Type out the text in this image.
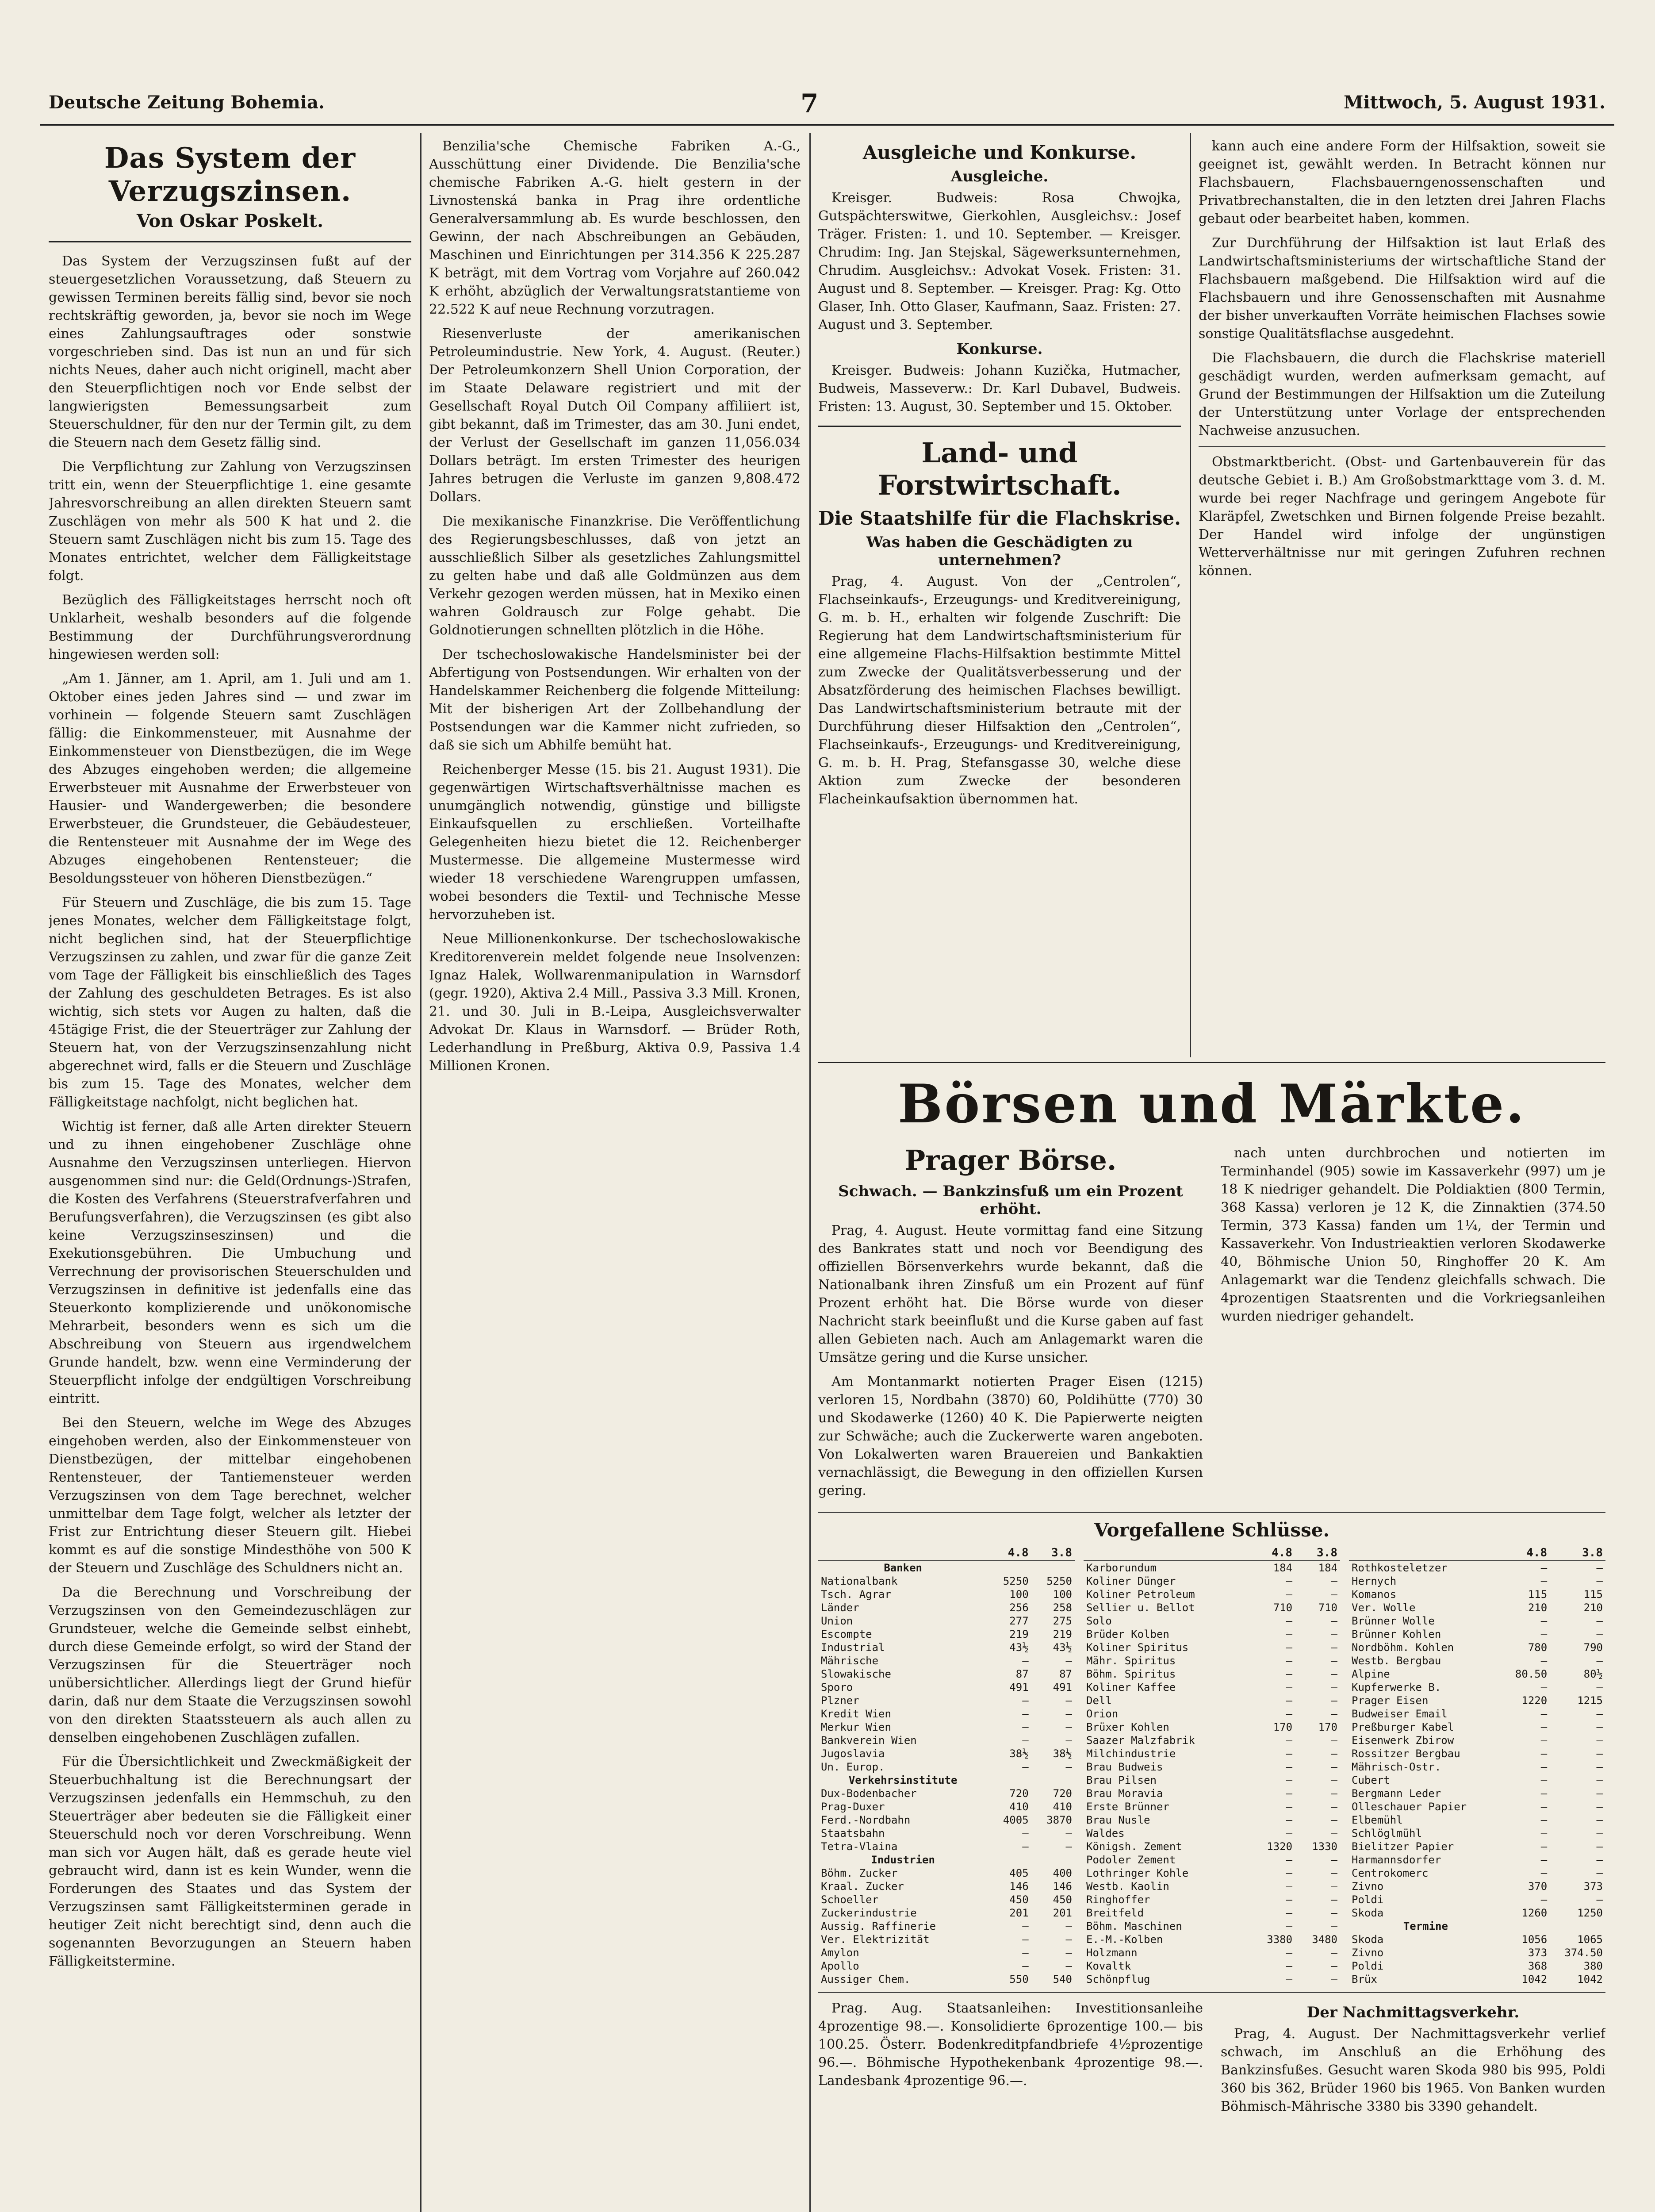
Deutsche Zeitung Bohemia.	7	Mittwoch, 5. August 1931.
Das System der Verzugszinsen.
Von Oskar Poskelt.

Das System der Verzugszinsen fußt auf der steuergesetzlichen Voraussetzung, daß Steuern zu gewissen Terminen bereits fällig sind, bevor sie noch rechtskräftig geworden, ja, bevor sie noch im Wege eines Zahlungsauftrages oder sonstwie vorgeschrieben sind. Das ist nun an und für sich nichts Neues, daher auch nicht originell, macht aber den Steuerpflichtigen noch vor Ende selbst der langwierigsten Bemessungsarbeit zum Steuerschuldner, für den nur der Termin gilt, zu dem die Steuern nach dem Gesetz fällig sind.

Die Verpflichtung zur Zahlung von Verzugszinsen tritt ein, wenn der Steuerpflichtige 1. eine gesamte Jahresvorschreibung an allen direkten Steuern samt Zuschlägen von mehr als 500 K hat und 2. die Steuern samt Zuschlägen nicht bis zum 15. Tage des Monates entrichtet, welcher dem Fälligkeitstage folgt.

Bezüglich des Fälligkeitstages herrscht noch oft Unklarheit, weshalb besonders auf die folgende Bestimmung der Durchführungsverordnung hingewiesen werden soll:

„Am 1. Jänner, am 1. April, am 1. Juli und am 1. Oktober eines jeden Jahres sind — und zwar im vorhinein — folgende Steuern samt Zuschlägen fällig: die Einkommensteuer, mit Ausnahme der Einkommensteuer von Dienstbezügen, die im Wege des Abzuges eingehoben werden; die allgemeine Erwerbsteuer mit Ausnahme der Erwerbsteuer von Hausier- und Wandergewerben; die besondere Erwerbsteuer, die Grundsteuer, die Gebäudesteuer, die Rentensteuer mit Ausnahme der im Wege des Abzuges eingehobenen Rentensteuer; die Besoldungssteuer von höheren Dienstbezügen.“

Für Steuern und Zuschläge, die bis zum 15. Tage jenes Monates, welcher dem Fälligkeitstage folgt, nicht beglichen sind, hat der Steuerpflichtige Verzugszinsen zu zahlen, und zwar für die ganze Zeit vom Tage der Fälligkeit bis einschließlich des Tages der Zahlung des geschuldeten Betrages. Es ist also wichtig, sich stets vor Augen zu halten, daß die 45tägige Frist, die der Steuerträger zur Zahlung der Steuern hat, von der Verzugszinsenzahlung nicht abgerechnet wird, falls er die Steuern und Zuschläge bis zum 15. Tage des Monates, welcher dem Fälligkeitstage nachfolgt, nicht beglichen hat.

Wichtig ist ferner, daß alle Arten direkter Steuern und zu ihnen eingehobener Zuschläge ohne Ausnahme den Verzugszinsen unterliegen. Hiervon ausgenommen sind nur: die Geld(Ordnungs-)Strafen, die Kosten des Verfahrens (Steuerstrafverfahren und Berufungsverfahren), die Verzugszinsen (es gibt also keine Verzugszinseszinsen) und die Exekutionsgebühren. Die Umbuchung und Verrechnung der provisorischen Steuerschulden und Verzugszinsen in definitive ist jedenfalls eine das Steuerkonto komplizierende und unökonomische Mehrarbeit, besonders wenn es sich um die Abschreibung von Steuern aus irgendwelchem Grunde handelt, bzw. wenn eine Verminderung der Steuerpflicht infolge der endgültigen Vorschreibung eintritt.

Bei den Steuern, welche im Wege des Abzuges eingehoben werden, also der Einkommensteuer von Dienstbezügen, der mittelbar eingehobenen Rentensteuer, der Tantiemensteuer werden Verzugszinsen von dem Tage berechnet, welcher unmittelbar dem Tage folgt, welcher als letzter der Frist zur Entrichtung dieser Steuern gilt. Hiebei kommt es auf die sonstige Mindesthöhe von 500 K der Steuern und Zuschläge des Schuldners nicht an.

Da die Berechnung und Vorschreibung der Verzugszinsen von den Gemeindezuschlägen zur Grundsteuer, welche die Gemeinde selbst einhebt, durch diese Gemeinde erfolgt, so wird der Stand der Verzugszinsen für die Steuerträger noch unübersichtlicher. Allerdings liegt der Grund hiefür darin, daß nur dem Staate die Verzugszinsen sowohl von den direkten Staatssteuern als auch allen zu denselben eingehobenen Zuschlägen zufallen.

Für die Übersichtlichkeit und Zweckmäßigkeit der Steuerbuchhaltung ist die Berechnungsart der Verzugszinsen jedenfalls ein Hemmschuh, zu den Steuerträger aber bedeuten sie die Fälligkeit einer Steuerschuld noch vor deren Vorschreibung. Wenn man sich vor Augen hält, daß es gerade heute viel gebraucht wird, dann ist es kein Wunder, wenn die Forderungen des Staates und das System der Verzugszinsen samt Fälligkeitsterminen gerade in heutiger Zeit nicht berechtigt sind, denn auch die sogenannten Bevorzugungen an Steuern haben Fälligkeitstermine.

Benzilia'sche Chemische Fabriken A.-G., Ausschüttung einer Dividende. Die Benzilia'sche chemische Fabriken A.-G. hielt gestern in der Livnostenská banka in Prag ihre ordentliche Generalversammlung ab. Es wurde beschlossen, den Gewinn, der nach Abschreibungen an Gebäuden, Maschinen und Einrichtungen per 314.356 K 225.287 K beträgt, mit dem Vortrag vom Vorjahre auf 260.042 K erhöht, abzüglich der Verwaltungsratstantieme von 22.522 K auf neue Rechnung vorzutragen.

Riesenverluste der amerikanischen Petroleumindustrie. New York, 4. August. (Reuter.) Der Petroleumkonzern Shell Union Corporation, der im Staate Delaware registriert und mit der Gesellschaft Royal Dutch Oil Company affiliiert ist, gibt bekannt, daß im Trimester, das am 30. Juni endet, der Verlust der Gesellschaft im ganzen 11,056.034 Dollars beträgt. Im ersten Trimester des heurigen Jahres betrugen die Verluste im ganzen 9,808.472 Dollars.

Die mexikanische Finanzkrise. Die Veröffentlichung des Regierungsbeschlusses, daß von jetzt an ausschließlich Silber als gesetzliches Zahlungsmittel zu gelten habe und daß alle Goldmünzen aus dem Verkehr gezogen werden müssen, hat in Mexiko einen wahren Goldrausch zur Folge gehabt. Die Goldnotierungen schnellten plötzlich in die Höhe.

Der tschechoslowakische Handelsminister bei der Abfertigung von Postsendungen. Wir erhalten von der Handelskammer Reichenberg die folgende Mitteilung: Mit der bisherigen Art der Zollbehandlung der Postsendungen war die Kammer nicht zufrieden, so daß sie sich um Abhilfe bemüht hat.

Reichenberger Messe (15. bis 21. August 1931). Die gegenwärtigen Wirtschaftsverhältnisse machen es unumgänglich notwendig, günstige und billigste Einkaufsquellen zu erschließen. Vorteilhafte Gelegenheiten hiezu bietet die 12. Reichenberger Mustermesse. Die allgemeine Mustermesse wird wieder 18 verschiedene Warengruppen umfassen, wobei besonders die Textil- und Technische Messe hervorzuheben ist.

Neue Millionenkonkurse. Der tschechoslowakische Kreditorenverein meldet folgende neue Insolvenzen: Ignaz Halek, Wollwarenmanipulation in Warnsdorf (gegr. 1920), Aktiva 2.4 Mill., Passiva 3.3 Mill. Kronen, 21. und 30. Juli in B.-Leipa, Ausgleichsverwalter Advokat Dr. Klaus in Warnsdorf. — Brüder Roth, Lederhandlung in Preßburg, Aktiva 0.9, Passiva 1.4 Millionen Kronen.

Ausgleiche und Konkurse.
Ausgleiche.

Kreisger. Budweis: Rosa Chwojka, Gutspächterswitwe, Gierkohlen, Ausgleichsv.: Josef Träger. Fristen: 1. und 10. September. — Kreisger. Chrudim: Ing. Jan Stejskal, Sägewerksunternehmen, Chrudim. Ausgleichsv.: Advokat Vosek. Fristen: 31. August und 8. September. — Kreisger. Prag: Kg. Otto Glaser, Inh. Otto Glaser, Kaufmann, Saaz. Fristen: 27. August und 3. September.

Konkurse.

Kreisger. Budweis: Johann Kuzička, Hutmacher, Budweis, Masseverw.: Dr. Karl Dubavel, Budweis. Fristen: 13. August, 30. September und 15. Oktober.

Land- und Forstwirtschaft.
Die Staatshilfe für die Flachskrise.
Was haben die Geschädigten zu unternehmen?

Prag, 4. August. Von der „Centrolen“, Flachseinkaufs-, Erzeugungs- und Kreditvereinigung, G. m. b. H., erhalten wir folgende Zuschrift: Die Regierung hat dem Landwirtschaftsministerium für eine allgemeine Flachs-Hilfsaktion bestimmte Mittel zum Zwecke der Qualitätsverbesserung und der Absatzförderung des heimischen Flachses bewilligt. Das Landwirtschaftsministerium betraute mit der Durchführung dieser Hilfsaktion den „Centrolen“, Flachseinkaufs-, Erzeugungs- und Kreditvereinigung, G. m. b. H. Prag, Stefansgasse 30, welche diese Aktion zum Zwecke der besonderen Flacheinkaufsaktion übernommen hat.

kann auch eine andere Form der Hilfsaktion, soweit sie geeignet ist, gewählt werden. In Betracht können nur Flachsbauern, Flachsbauerngenossenschaften und Privatbrechanstalten, die in den letzten drei Jahren Flachs gebaut oder bearbeitet haben, kommen.

Zur Durchführung der Hilfsaktion ist laut Erlaß des Landwirtschaftsministeriums der wirtschaftliche Stand der Flachsbauern maßgebend. Die Hilfsaktion wird auf die Flachsbauern und ihre Genossenschaften mit Ausnahme der bisher unverkauften Vorräte heimischen Flachses sowie sonstige Qualitätsflachse ausgedehnt.

Die Flachsbauern, die durch die Flachskrise materiell geschädigt wurden, werden aufmerksam gemacht, auf Grund der Bestimmungen der Hilfsaktion um die Zuteilung der Unterstützung unter Vorlage der entsprechenden Nachweise anzusuchen.

Obstmarktbericht. (Obst- und Gartenbauverein für das deutsche Gebiet i. B.) Am Großobstmarkttage vom 3. d. M. wurde bei reger Nachfrage und geringem Angebote für Klaräpfel, Zwetschken und Birnen folgende Preise bezahlt. Der Handel wird infolge der ungünstigen Wetterverhältnisse nur mit geringen Zufuhren rechnen können.

Börsen und Märkte.
Prager Börse.
Schwach. — Bankzinsfuß um ein Prozent erhöht.

Prag, 4. August. Heute vormittag fand eine Sitzung des Bankrates statt und noch vor Beendigung des offiziellen Börsenverkehrs wurde bekannt, daß die Nationalbank ihren Zinsfuß um ein Prozent auf fünf Prozent erhöht hat. Die Börse wurde von dieser Nachricht stark beeinflußt und die Kurse gaben auf fast allen Gebieten nach. Auch am Anlagemarkt waren die Umsätze gering und die Kurse unsicher.

Am Montanmarkt notierten Prager Eisen (1215) verloren 15, Nordbahn (3870) 60, Poldihütte (770) 30 und Skodawerke (1260) 40 K. Die Papierwerte neigten zur Schwäche; auch die Zuckerwerte waren angeboten. Von Lokalwerten waren Brauereien und Bankaktien vernachlässigt, die Bewegung in den offiziellen Kursen gering.

nach unten durchbrochen und notierten im Terminhandel (905) sowie im Kassaverkehr (997) um je 18 K niedriger gehandelt. Die Poldiaktien (800 Termin, 368 Kassa) verloren je 12 K, die Zinnaktien (374.50 Termin, 373 Kassa) fanden um 1¼, der Termin und Kassaverkehr. Von Industrieaktien verloren Skodawerke 40, Böhmische Union 50, Ringhoffer 20 K. Am Anlagemarkt war die Tendenz gleichfalls schwach. Die 4prozentigen Staatsrenten und die Vorkriegsanleihen wurden niedriger gehandelt.

Vorgefallene Schlüsse.
	4.8	3.8
Banken		
Nationalbank	5250	5250
Tsch. Agrar	100	100
Länder	256	258
Union	277	275
Escompte	219	219
Industrial	43½	43½
Mährische	—	—
Slowakische	87	87
Sporo	491	491
Plzner	—	—
Kredit Wien	—	—
Merkur Wien	—	—
Bankverein Wien	—	—
Jugoslavia	38½	38½
Un. Europ.	—	—
Verkehrsinstitute		
Dux-Bodenbacher	720	720
Prag-Duxer	410	410
Ferd.-Nordbahn	4005	3870
Staatsbahn	—	—
Tetra-Vlaina	—	—
Industrien		
Böhm. Zucker	405	400
Kraal. Zucker	146	146
Schoeller	450	450
Zuckerindustrie	201	201
Aussig. Raffinerie	—	—
Ver. Elektrizität	—	—
Amylon	—	—
Apollo	—	—
Aussiger Chem.	550	540
	4.8	3.8
Karborundum	184	184
Koliner Dünger	—	—
Koliner Petroleum	—	—
Sellier u. Bellot	710	710
Solo	—	—
Brüder Kolben	—	—
Koliner Spiritus	—	—
Mähr. Spiritus	—	—
Böhm. Spiritus	—	—
Koliner Kaffee	—	—
Dell	—	—
Orion	—	—
Brüxer Kohlen	170	170
Saazer Malzfabrik	—	—
Milchindustrie	—	—
Brau Budweis	—	—
Brau Pilsen	—	—
Brau Moravia	—	—
Erste Brünner	—	—
Brau Nusle	—	—
Waldes	—	—
Königsh. Zement	1320	1330
Podoler Zement	—	—
Lothringer Kohle	—	—
Westb. Kaolin	—	—
Ringhoffer	—	—
Breitfeld	—	—
Böhm. Maschinen	—	—
E.-M.-Kolben	3380	3480
Holzmann	—	—
Kovaltk	—	—
Schönpflug	—	—
	4.8	3.8
Rothkosteletzer	—	—
Hernych	—	—
Komanos	115	115
Ver. Wolle	210	210
Brünner Wolle	—	—
Brünner Kohlen	—	—
Nordböhm. Kohlen	780	790
Westb. Bergbau	—	—
Alpine	80.50	80½
Kupferwerke B.	—	—
Prager Eisen	1220	1215
Budweiser Email	—	—
Preßburger Kabel	—	—
Eisenwerk Zbirow	—	—
Rossitzer Bergbau	—	—
Mährisch-Ostr.	—	—
Cubert	—	—
Bergmann Leder	—	—
Olleschauer Papier	—	—
Elbemühl	—	—
Schlöglmühl	—	—
Bielitzer Papier	—	—
Harmannsdorfer	—	—
Centrokomerc	—	—
Zivno	370	373
Poldi	—	—
Skoda	1260	1250
Termine		
Skoda	1056	1065
Zivno	373	374.50
Poldi	368	380
Brüx	1042	1042

Prag. Aug. Staatsanleihen: Investitionsanleihe 4prozentige 98.—. Konsolidierte 6prozentige 100.— bis 100.25. Österr. Bodenkreditpfandbriefe 4½prozentige 96.—. Böhmische Hypothekenbank 4prozentige 98.—. Landesbank 4prozentige 96.—.

Der Nachmittagsverkehr.

Prag, 4. August. Der Nachmittagsverkehr verlief schwach, im Anschluß an die Erhöhung des Bankzinsfußes. Gesucht waren Skoda 980 bis 995, Poldi 360 bis 362, Brüder 1960 bis 1965. Von Banken wurden Böhmisch-Mährische 3380 bis 3390 gehandelt.
